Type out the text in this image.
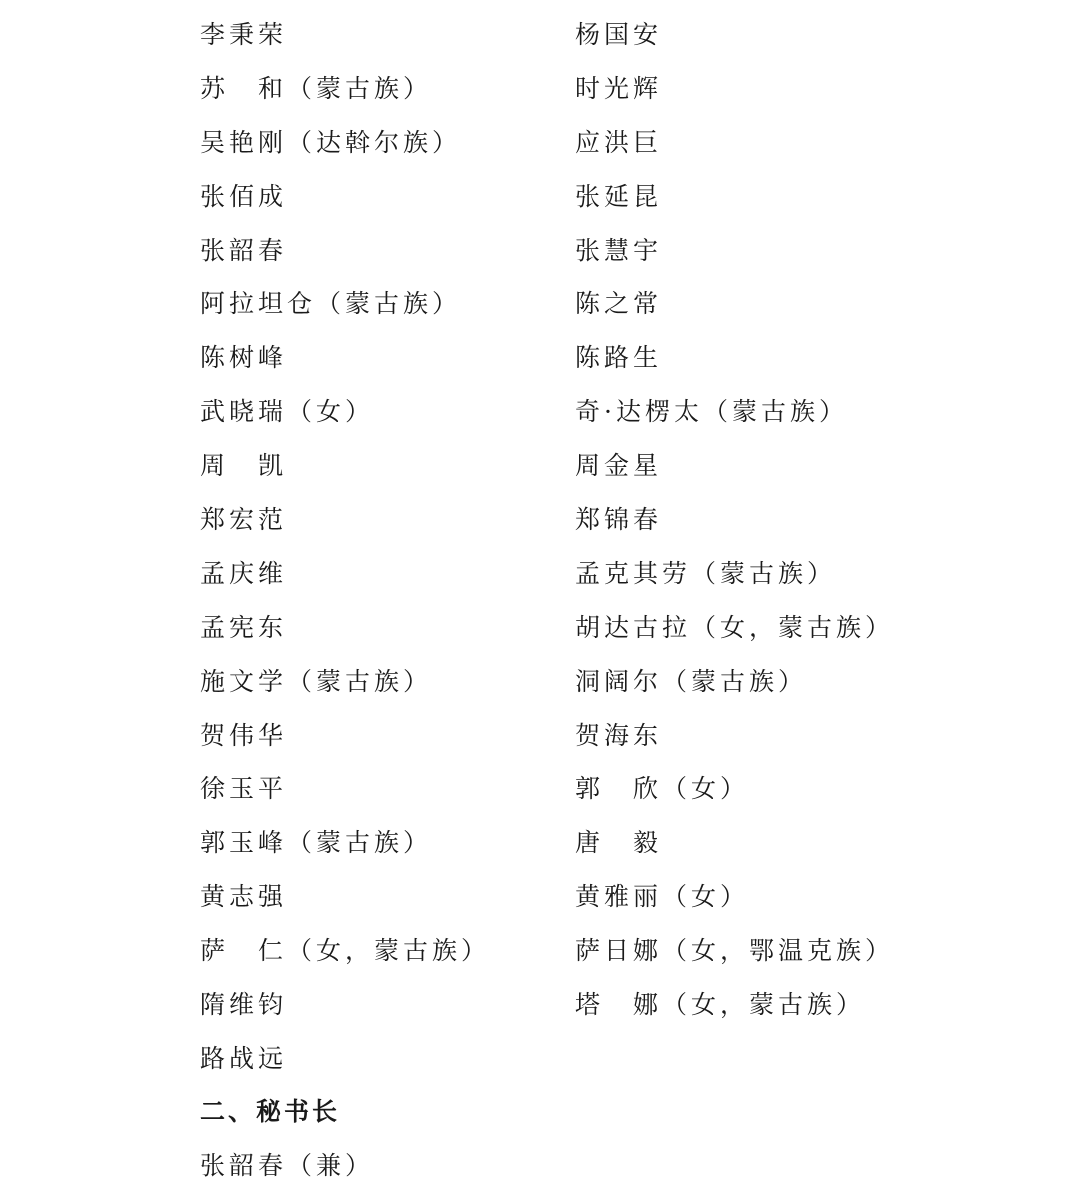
李秉荣
苏　和（蒙古族）
吴艳刚（达斡尔族）
张佰成
张韶春
阿拉坦仓（蒙古族）
陈树峰
武晓瑞（女）
周　凯
郑宏范
孟庆维
孟宪东
施文学（蒙古族）
贺伟华
徐玉平
郭玉峰（蒙古族）
黄志强
萨　仁（女，蒙古族）
隋维钧
路战远
杨国安
时光辉
应洪巨
张延昆
张慧宇
陈之常
陈路生
奇·达楞太（蒙古族）
周金星
郑锦春
孟克其劳（蒙古族）
胡达古拉（女，蒙古族）
洞阔尔（蒙古族）
贺海东
郭　欣（女）
唐　毅
黄雅丽（女）
萨日娜（女，鄂温克族）
塔　娜（女，蒙古族）
二、秘书长
张韶春（兼）
